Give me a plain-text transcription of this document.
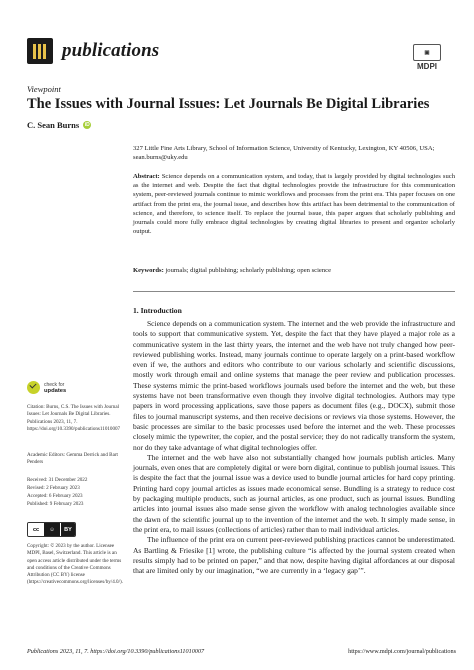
publications	▣
MDPI
Viewpoint
The Issues with Journal Issues: Let Journals Be Digital Libraries
C. Sean Burns	iD
327 Little Fine Arts Library, School of Information Science, University of Kentucky, Lexington, KY 40506, USA;
sean.burns@uky.edu
Abstract: Science depends on a communication system, and today, that is largely provided by digital technologies such as the internet and web. Despite the fact that digital technologies provide the infrastructure for this communication system, peer-reviewed journals continue to mimic workflows and processes from the print era. This paper focuses on one artifact from the print era, the journal issue, and describes how this artifact has been detrimental to the communication of science, and therefore, to science itself. To replace the journal issue, this paper argues that scholarly publishing and journals could more fully embrace digital technologies by creating digital libraries to present and organize scholarly output.
Keywords: journals; digital publishing; scholarly publishing; open science
1. Introduction

Science depends on a communication system. The internet and the web provide the infrastructure and tools to support that communicative system. Yet, despite the fact that they have played a major role as a communicative system in the last thirty years, the internet and the web have not truly changed how peer-reviewed publishing works. Instead, many journals continue to operate largely on a print-based workflow even if we, the authors and editors who contribute to our various scholarly and scientific discussions, mostly work through email and online systems that manage the peer review and publication processes. These systems mimic the print-based workflows journals used before the internet and the web, but these systems have not been transformative even though they involve digital technologies. Authors may type papers in word processing applications, save those papers as document files (e.g., DOCX), submit those files to journal manuscript systems, and then receive decisions or reviews via those systems. However, the basic processes are similar to the basic processes used before the internet and the web. These processes closely mimic the typewriter, the copier, and the postal service; they do not radically transform the system, nor do they take advantage of what digital technologies offer.

The internet and the web have also not substantially changed how journals publish articles. Many journals, even ones that are completely digital or were born digital, continue to publish journal issues. This is despite the fact that the journal issue was a device used to bundle journal articles for hard copy printing. Printing hard copy journal articles as issues made economical sense. Bundling is a strategy to reduce cost by packaging multiple products, such as journal articles, as one product, such as journal issues. Bundling articles into journal issues also made sense given the workflow with analog technologies available since the dawn of the scientific journal up to the invention of the internet and the web. It simply made sense, in the print era, to mail issues (collections of articles) rather than to mail individual articles.

The influence of the print era on current peer-reviewed publishing practices cannot be underestimated. As Bartling & Friesike [1] wrote, the publishing culture “is affected by the journal system created when results simply had to be printed on paper,” and that now, despite having digital affordances at our disposal that are limited only by our imagination, “we are currently in a ‘legacy gap’”.

check for
updates
Citation: Burns, C.S. The Issues with Journal Issues: Let Journals Be Digital Libraries. Publications 2023, 11, 7. https://doi.org/10.3390/publications11010007
Academic Editors: Gemma Derrick and Bart Penders
Received: 31 December 2022
Revised: 2 February 2023
Accepted: 6 February 2023
Published: 9 February 2023
cc	☺	BY
Copyright: © 2023 by the author. Licensee MDPI, Basel, Switzerland. This article is an open access article distributed under the terms and conditions of the Creative Commons Attribution (CC BY) license (https://creativecommons.org/licenses/by/4.0/).
Publications 2023, 11, 7. https://doi.org/10.3390/publications11010007	https://www.mdpi.com/journal/publications
